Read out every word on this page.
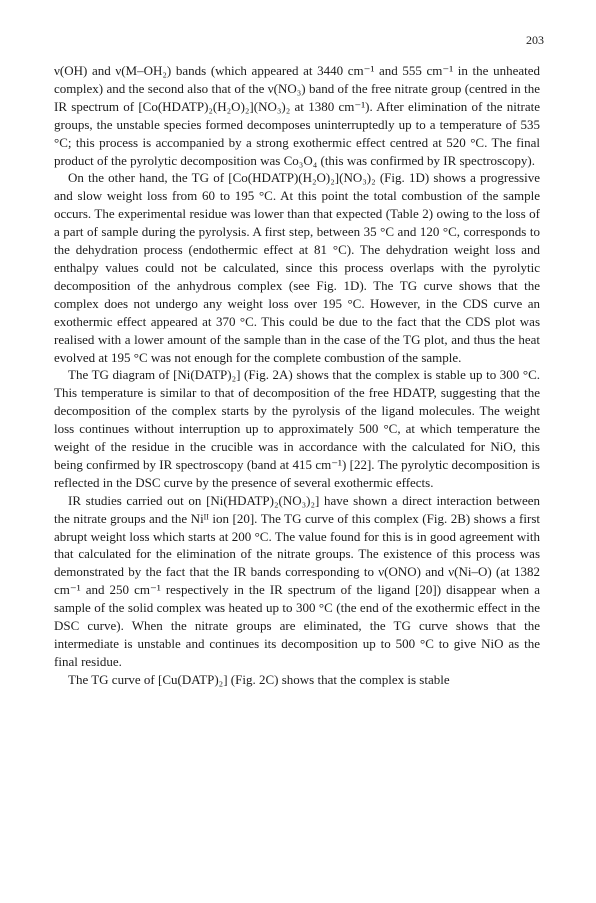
203

ν(OH) and ν(M–OH₂) bands (which appeared at 3440 cm⁻¹ and 555 cm⁻¹ in the unheated complex) and the second also that of the ν(NO₃) band of the free nitrate group (centred in the IR spectrum of [Co(HDATP)₂(H₂O)₂](NO₃)₂ at 1380 cm⁻¹). After elimination of the nitrate groups, the unstable species formed decomposes uninterruptedly up to a temperature of 535 °C; this process is accompanied by a strong exothermic effect centred at 520 °C. The final product of the pyrolytic decomposition was Co₃O₄ (this was confirmed by IR spectroscopy).

On the other hand, the TG of [Co(HDATP)(H₂O)₂](NO₃)₂ (Fig. 1D) shows a progressive and slow weight loss from 60 to 195 °C. At this point the total combustion of the sample occurs. The experimental residue was lower than that expected (Table 2) owing to the loss of a part of sample during the pyrolysis. A first step, between 35 °C and 120 °C, corresponds to the dehydration process (endothermic effect at 81 °C). The dehydration weight loss and enthalpy values could not be calculated, since this process overlaps with the pyrolytic decomposition of the anhydrous complex (see Fig. 1D). The TG curve shows that the complex does not undergo any weight loss over 195 °C. However, in the CDS curve an exothermic effect appeared at 370 °C. This could be due to the fact that the CDS plot was realised with a lower amount of the sample than in the case of the TG plot, and thus the heat evolved at 195 °C was not enough for the complete combustion of the sample.

The TG diagram of [Ni(DATP)₂] (Fig. 2A) shows that the complex is stable up to 300 °C. This temperature is similar to that of decomposition of the free HDATP, suggesting that the decomposition of the complex starts by the pyrolysis of the ligand molecules. The weight loss continues without interruption up to approximately 500 °C, at which temperature the weight of the residue in the crucible was in accordance with the calculated for NiO, this being confirmed by IR spectroscopy (band at 415 cm⁻¹) [22]. The pyrolytic decomposition is reflected in the DSC curve by the presence of several exothermic effects.

IR studies carried out on [Ni(HDATP)₂(NO₃)₂] have shown a direct interaction between the nitrate groups and the Niᴵᴵ ion [20]. The TG curve of this complex (Fig. 2B) shows a first abrupt weight loss which starts at 200 °C. The value found for this is in good agreement with that calculated for the elimination of the nitrate groups. The existence of this process was demonstrated by the fact that the IR bands corresponding to ν(ONO) and ν(Ni–O) (at 1382 cm⁻¹ and 250 cm⁻¹ respectively in the IR spectrum of the ligand [20]) disappear when a sample of the solid complex was heated up to 300 °C (the end of the exothermic effect in the DSC curve). When the nitrate groups are eliminated, the TG curve shows that the intermediate is unstable and continues its decomposition up to 500 °C to give NiO as the final residue.

The TG curve of [Cu(DATP)₂] (Fig. 2C) shows that the complex is stable
